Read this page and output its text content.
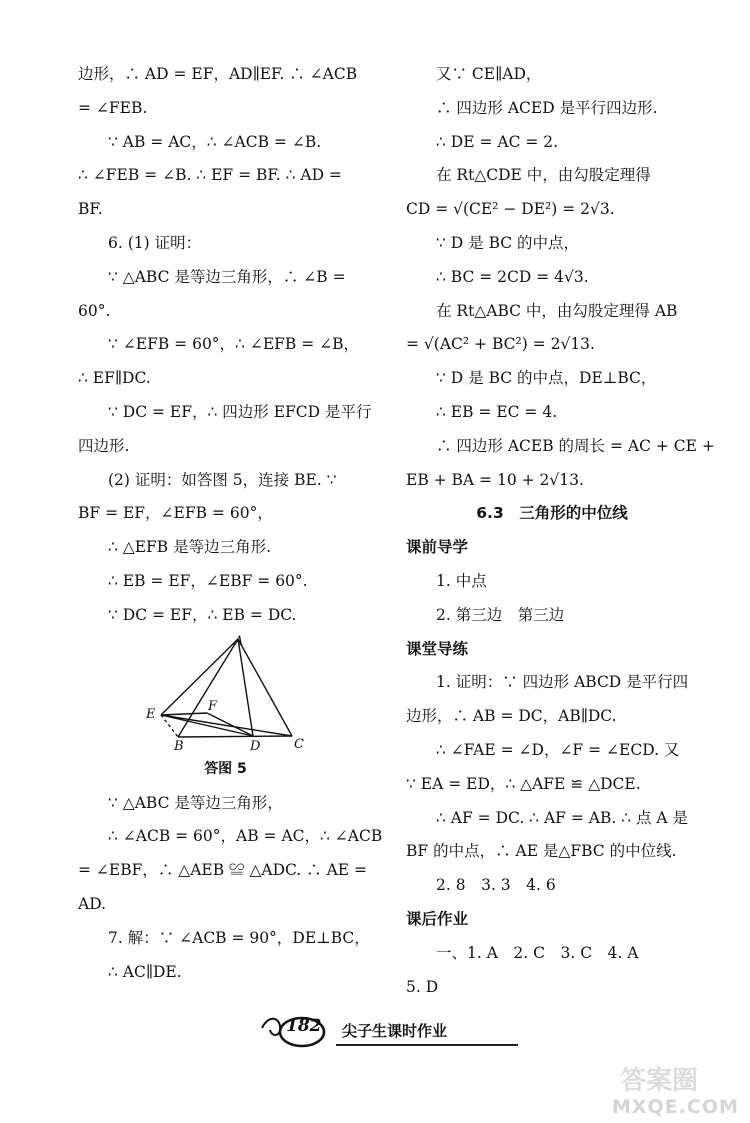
边形，∴ AD = EF，AD∥EF. ∴ ∠ACB
= ∠FEB.
∵ AB = AC，∴ ∠ACB = ∠B.
∴ ∠FEB = ∠B. ∴ EF = BF. ∴ AD =
BF.
6. (1) 证明：
∵ △ABC 是等边三角形，∴ ∠B =
60°.
∵ ∠EFB = 60°，∴ ∠EFB = ∠B，
∴ EF∥DC.
∵ DC = EF，∴ 四边形 EFCD 是平行
四边形.
(2) 证明：如答图 5，连接 BE. ∵
BF = EF，∠EFB = 60°，
∴ △EFB 是等边三角形.
∴ EB = EF，∠EBF = 60°.
∵ DC = EF，∴ EB = DC.
A
B	C
D
E
F
答图 5
∵ △ABC 是等边三角形，
∴ ∠ACB = 60°，AB = AC，∴ ∠ACB
= ∠EBF，∴ △AEB ≌ △ADC. ∴ AE =
AD.
7. 解：∵ ∠ACB = 90°，DE⊥BC，
∴ AC∥DE.
又∵ CE∥AD，
∴ 四边形 ACED 是平行四边形.
∴ DE = AC = 2.
在 Rt△CDE 中，由勾股定理得
CD = √(CE² − DE²) = 2√3.
∵ D 是 BC 的中点，
∴ BC = 2CD = 4√3.
在 Rt△ABC 中，由勾股定理得 AB
= √(AC² + BC²) = 2√13.
∵ D 是 BC 的中点，DE⊥BC，
∴ EB = EC = 4.
∴ 四边形 ACEB 的周长 = AC + CE +
EB + BA = 10 + 2√13.
6.3　三角形的中位线
课前导学
1. 中点
2. 第三边　第三边
课堂导练
1. 证明：∵ 四边形 ABCD 是平行四
边形，∴ AB = DC，AB∥DC.
∴ ∠FAE = ∠D，∠F = ∠ECD. 又
∵ EA = ED，∴ △AFE ≌ △DCE.
∴ AF = DC. ∴ AF = AB. ∴ 点 A 是
BF 的中点，∴ AE 是△FBC 的中位线.
2. 8　3. 3　4. 6
课后作业
一、1. A　2. C　3. C　4. A
5. D
182 尖子生课时作业
答案圈
MXQE.COM
